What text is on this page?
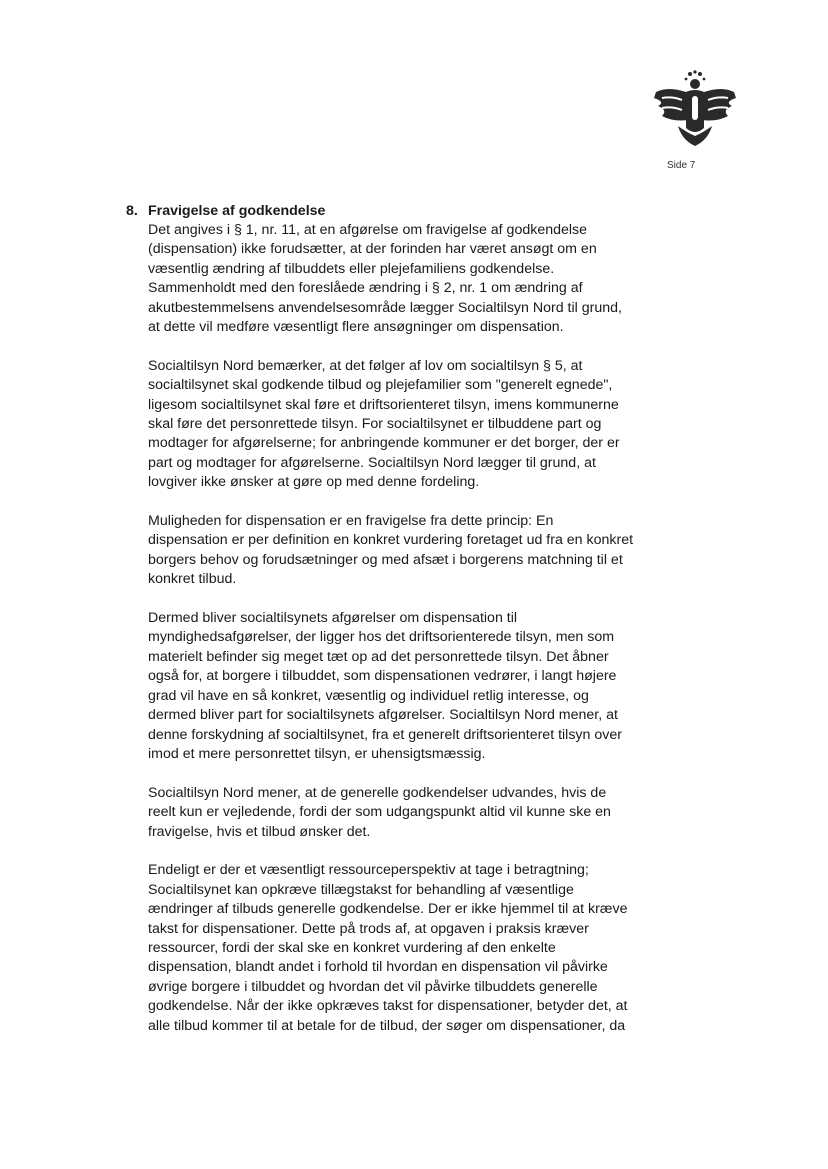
Side 7
8. Fravigelse af godkendelse

Det angives i § 1, nr. 11, at en afgørelse om fravigelse af godkendelse
(dispensation) ikke forudsætter, at der forinden har været ansøgt om en
væsentlig ændring af tilbuddets eller plejefamiliens godkendelse.
Sammenholdt med den foreslåede ændring i § 2, nr. 1 om ændring af
akutbestemmelsens anvendelsesområde lægger Socialtilsyn Nord til grund,
at dette vil medføre væsentligt flere ansøgninger om dispensation.

Socialtilsyn Nord bemærker, at det følger af lov om socialtilsyn § 5, at
socialtilsynet skal godkende tilbud og plejefamilier som "generelt egnede",
ligesom socialtilsynet skal føre et driftsorienteret tilsyn, imens kommunerne
skal føre det personrettede tilsyn. For socialtilsynet er tilbuddene part og
modtager for afgørelserne; for anbringende kommuner er det borger, der er
part og modtager for afgørelserne. Socialtilsyn Nord lægger til grund, at
lovgiver ikke ønsker at gøre op med denne fordeling.

Muligheden for dispensation er en fravigelse fra dette princip: En
dispensation er per definition en konkret vurdering foretaget ud fra en konkret
borgers behov og forudsætninger og med afsæt i borgerens matchning til et
konkret tilbud.

Dermed bliver socialtilsynets afgørelser om dispensation til
myndighedsafgørelser, der ligger hos det driftsorienterede tilsyn, men som
materielt befinder sig meget tæt op ad det personrettede tilsyn. Det åbner
også for, at borgere i tilbuddet, som dispensationen vedrører, i langt højere
grad vil have en så konkret, væsentlig og individuel retlig interesse, og
dermed bliver part for socialtilsynets afgørelser. Socialtilsyn Nord mener, at
denne forskydning af socialtilsynet, fra et generelt driftsorienteret tilsyn over
imod et mere personrettet tilsyn, er uhensigtsmæssig.

Socialtilsyn Nord mener, at de generelle godkendelser udvandes, hvis de
reelt kun er vejledende, fordi der som udgangspunkt altid vil kunne ske en
fravigelse, hvis et tilbud ønsker det.

Endeligt er der et væsentligt ressourceperspektiv at tage i betragtning;
Socialtilsynet kan opkræve tillægstakst for behandling af væsentlige
ændringer af tilbuds generelle godkendelse. Der er ikke hjemmel til at kræve
takst for dispensationer. Dette på trods af, at opgaven i praksis kræver
ressourcer, fordi der skal ske en konkret vurdering af den enkelte
dispensation, blandt andet i forhold til hvordan en dispensation vil påvirke
øvrige borgere i tilbuddet og hvordan det vil påvirke tilbuddets generelle
godkendelse. Når der ikke opkræves takst for dispensationer, betyder det, at
alle tilbud kommer til at betale for de tilbud, der søger om dispensationer, da
